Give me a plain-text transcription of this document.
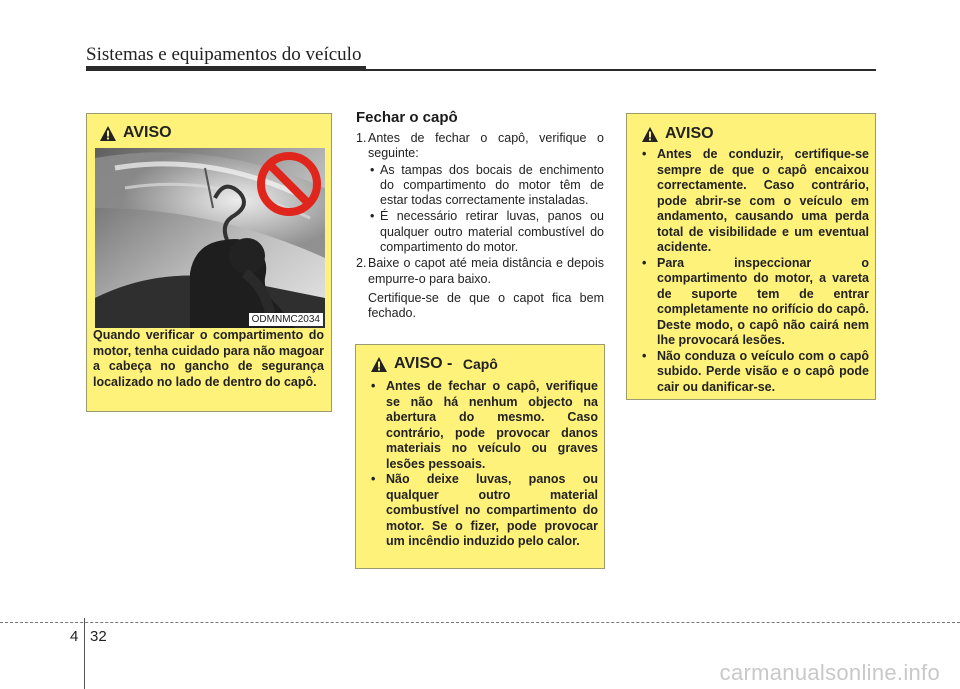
Sistemas e equipamentos do veículo
AVISO
ODMNMC2034
Quando verificar o compartimento do motor, tenha cuidado para não magoar a cabeça no gancho de segurança localizado no lado de dentro do capô.
Fechar o capô
1. Antes de fechar o capô, verifique o seguinte:
• As tampas dos bocais de enchimento do compartimento do motor têm de estar todas correctamente instaladas.
• É necessário retirar luvas, panos ou qualquer outro material combustível do compartimento do motor.
2. Baixe o capot até meia distância e depois empurre-o para baixo.
Certifique-se de que o capot fica bem fechado.
AVISO - Capô
• Antes de fechar o capô, verifique se não há nenhum objecto na abertura do mesmo. Caso contrário, pode provocar danos materiais no veículo ou graves lesões pessoais.
• Não deixe luvas, panos ou qualquer outro material combustível no compartimento do motor. Se o fizer, pode provocar um incêndio induzido pelo calor.
AVISO
• Antes de conduzir, certifique-se sempre de que o capô encaixou correctamente. Caso contrário, pode abrir-se com o veículo em andamento, causando uma perda total de visibilidade e um eventual acidente.
• Para inspeccionar o compartimento do motor, a vareta de suporte tem de entrar completamente no orifício do capô. Deste modo, o capô não cairá nem lhe provocará lesões.
• Não conduza o veículo com o capô subido. Perde visão e o capô pode cair ou danificar-se.
4 32
carmanualsonline.info
